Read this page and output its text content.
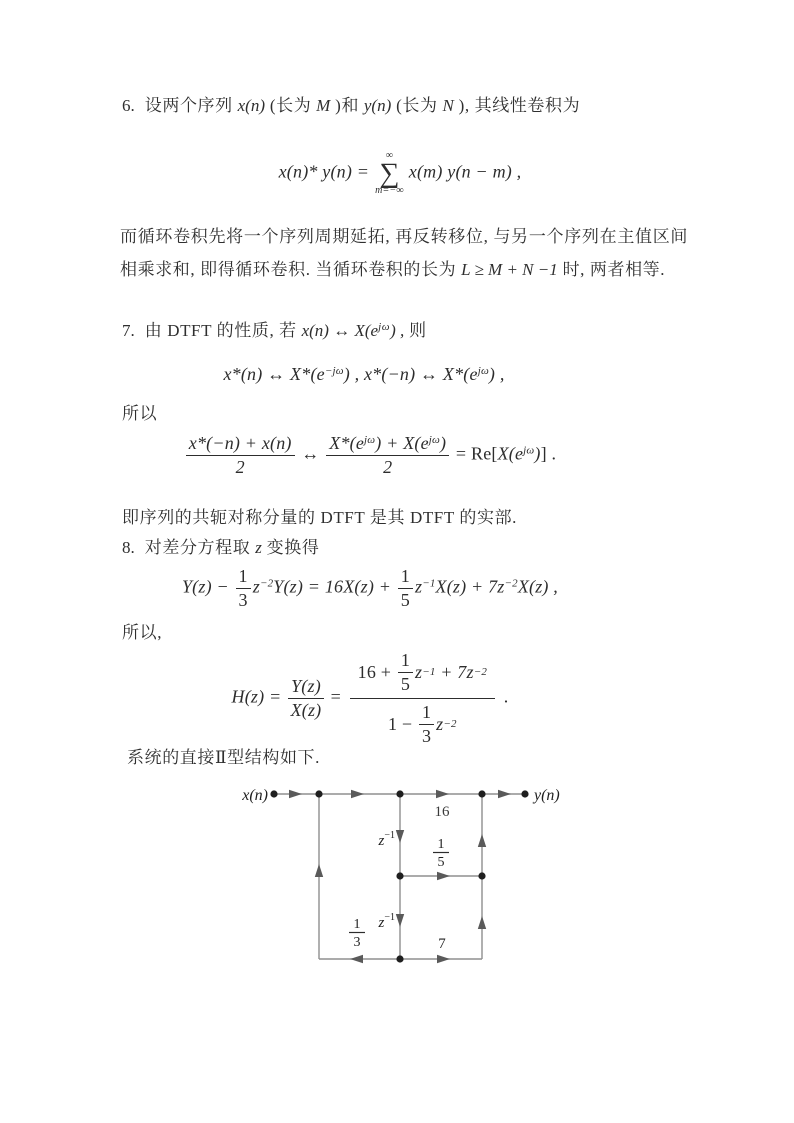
6. 设两个序列 x(n) (长为 M )和 y(n) (长为 N ), 其线性卷积为
x(n)* y(n) =
∞
∑
m=−∞
x(m) y(n − m) ,
而循环卷积先将一个序列周期延拓, 再反转移位, 与另一个序列在主值区间相乘求和, 即得循环卷积. 当循环卷积的长为 L ≥ M + N −1 时, 两者相等.
7. 由 DTFT 的性质, 若 x(n) ↔ $X(e^{j\omega})$ , 则
x*(n) ↔ $X*(e^{-j\omega})$ , x*(−n) ↔ $X*(e^{j\omega})$ ,
所以
$\frac{x*(-n) + x(n)}{2}$ ↔ $\frac{X*(e^{j\omega}) + X(e^{j\omega})}{2} = Re[X(e^{j\omega})]$ .
即序列的共轭对称分量的 DTFT 是其 DTFT 的实部.
8. 对差分方程取 z 变换得
$Y(z) - \frac{1}{3} z^{-2}Y(z) = 16X(z) + \frac{1}{5} z^{-1}X(z) + 7z^{-2}X(z)$ ,
所以,
$H(z) = \frac{Y(z)}{X(z)} = \frac{16 + \frac{1}{5} z -1 + 7z -2}{1 - \frac{1}{3} z -2}$ .
系统的直接Ⅱ型结构如下.
x(n)	y(n)
16
$z^{-1}$
1
5
$z^{-1}$
1
3	7
